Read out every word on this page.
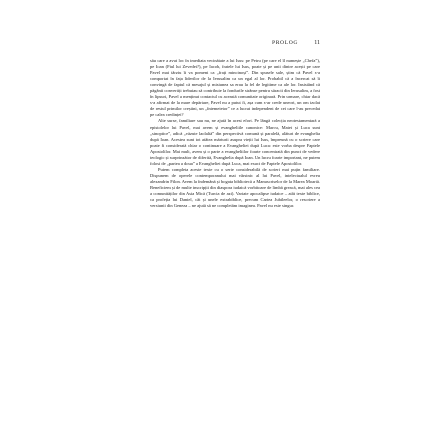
PROLOG	11

său care a avut loc în imediata vecinătate a lui Isus: pe Petru (pe care el îl numește „Chefa”), pe Ioan (Fiul lui Zevedei?), pe Iacob, fratele lui Isus, poate și pe unii dintre acești pe care Pavel mai târziu îi va pomeni ca „frați mincinoși”. Din spusele sale, știm că Pavel s-a comportat în fața liderilor de la Ierusalim ca un egal al lor. Probabil că a încercat să îi convingă de faptul că mesajul și misiunea sa erau la fel de legitime ca ale lor. Insistând că păgânii convertiți trebuiau să contribuie la fondurile strânse pentru săracii din Ierusalim, a fost în lipsuri, Pavel a menținut contactul cu această comunitate originară. Prin urmare, chiar dacă s-a afirmat de la mare depărtare, Pavel nu a putut fi, așa cum s-ar crede uneori, un om izolat de restul primilor creștini, un „întemeietor” ce a lucrat independent de cei care l-au precedat pe calea credinței?

Alte surse, familiare sau nu, ne ajută în acest efort. Pe lângă colecția neotestamentară a epistolelor lui Pavel, mai avem și evangheliile canonice: Marcu, Matei și Luca sunt „sinoptice”, adică „văzute laolaltă” din perspectivă comună și paralelă, alături de evanghelia după Ioan. Acestea sunt tot atâtea mărturii asupra vieții lui Isus, împreună cu o scriere care poate fi considerată chiar o continuare a Evangheliei după Luca: este vorba despre Faptele Apostolilor. Mai mult, avem și o parte a evangheliilor foarte concentrată din punct de vedere teologic și surprinzător de diferită, Evanghelia după Ioan. Un lucru foarte important, ne putem folosi de „partea a doua” a Evangheliei după Luca, mai exact de Faptele Apostolilor.

Putem completa aceste texte cu o serie considerabilă de scrieri mai puțin familiare. Dispunem de operele contemporanului mai vârstnic al lui Pavel, intelectualul evreu alexandrin Filon. Avem la îndemână și bogata bibliotecă a Manuscriselor de la Marea Moartă. Beneficiem și de multe inscripții din diaspora iudaică vorbitoare de limbă greacă, mai ales cea a comunităților din Asia Mică (Turcia de azi). Variate apocalipse iudaice – atât texte biblice, ca profeția lui Daniel, cât și unele extrabiblice, precum Cartea Jubileelor, o rescriere a versiunii din Geneza – ne ajută să ne completăm imaginea. Pavel nu este singur.
